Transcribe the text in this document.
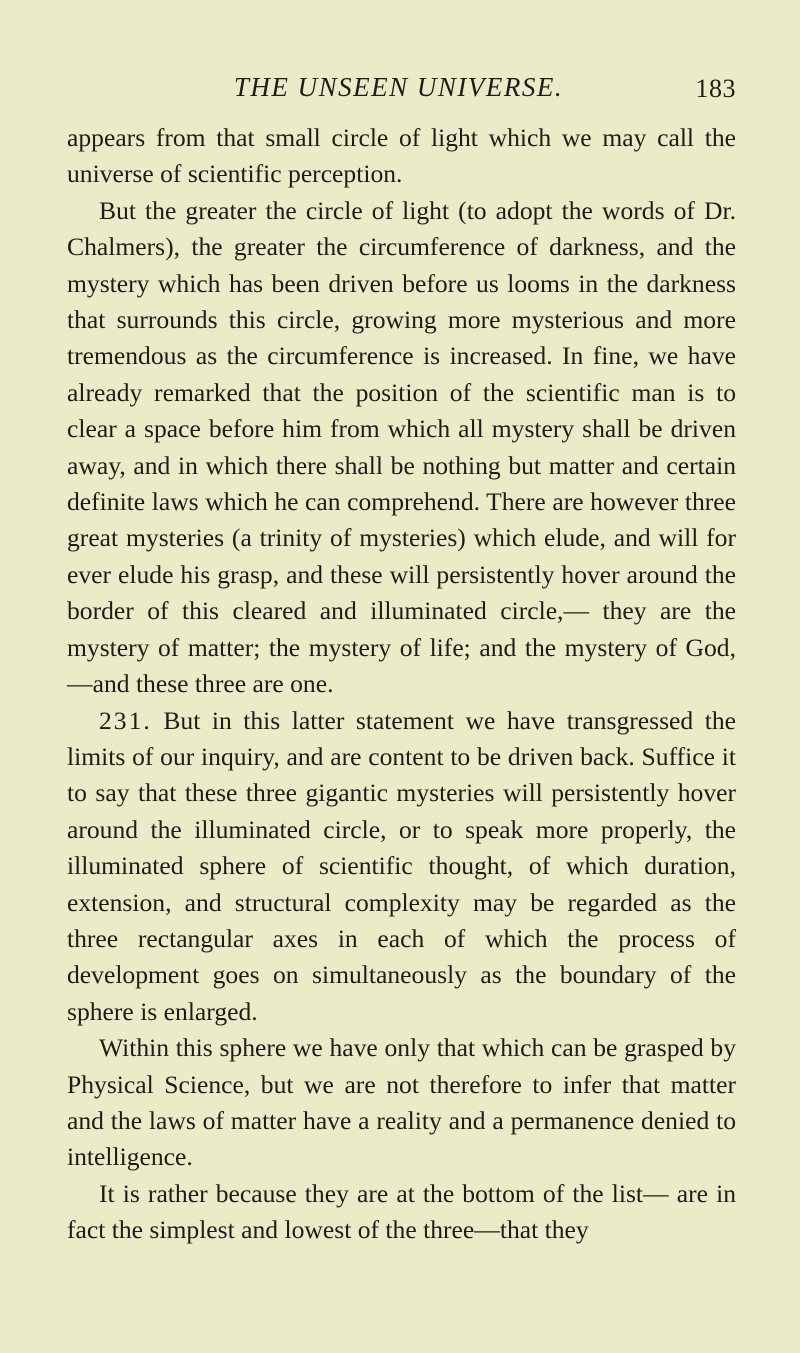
THE UNSEEN UNIVERSE.	183

appears from that small circle of light which we may call the universe of scientific perception.

But the greater the circle of light (to adopt the words of Dr. Chalmers), the greater the circumference of darkness, and the mystery which has been driven before us looms in the darkness that surrounds this circle, growing more mysterious and more tremendous as the circumference is increased. In fine, we have already remarked that the position of the scientific man is to clear a space before him from which all mystery shall be driven away, and in which there shall be nothing but matter and certain definite laws which he can comprehend. There are however three great mysteries (a trinity of mysteries) which elude, and will for ever elude his grasp, and these will persistently hover around the border of this cleared and illuminated circle,— they are the mystery of matter; the mystery of life; and the mystery of God,—and these three are one.

231. But in this latter statement we have transgressed the limits of our inquiry, and are content to be driven back. Suffice it to say that these three gigantic mysteries will persistently hover around the illuminated circle, or to speak more properly, the illuminated sphere of scientific thought, of which duration, extension, and structural complexity may be regarded as the three rectangular axes in each of which the process of development goes on simultaneously as the boundary of the sphere is enlarged.

Within this sphere we have only that which can be grasped by Physical Science, but we are not therefore to infer that matter and the laws of matter have a reality and a permanence denied to intelligence.

It is rather because they are at the bottom of the list— are in fact the simplest and lowest of the three—that they
